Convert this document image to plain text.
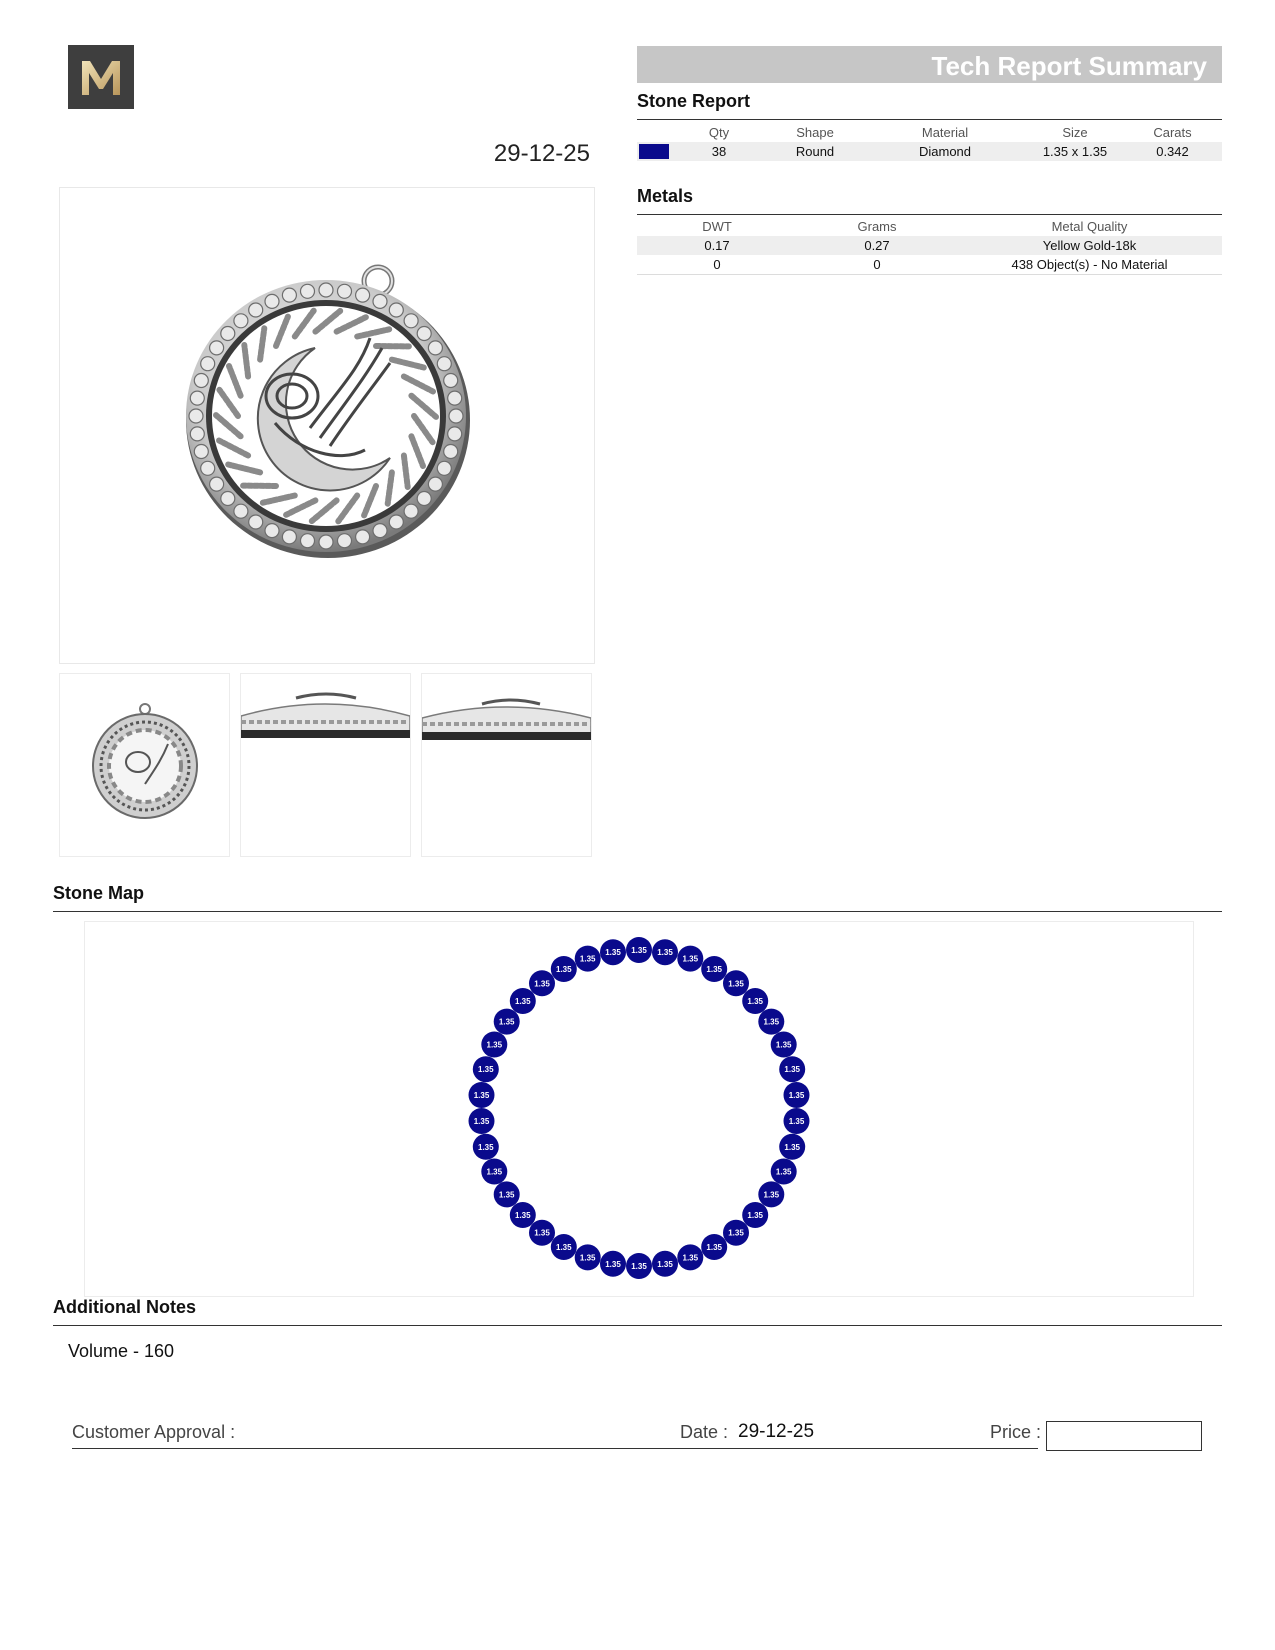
29-12-25
Tech Report Summary
Stone Report
	Qty	Shape	Material	Size	Carats

	38	Round	Diamond	1.35 x 1.35	0.342
Metals
DWT	Grams	Metal Quality
0.17	0.27	Yellow Gold-18k
0	0	438 Object(s) - No Material
Stone Map
1.35 1.35
1.35
1.35
1.35
1.35
1.35
1.35
1.35
1.35
1.35
1.35
1.35
1.35
1.35
1.35
1.35
1.35
1.35
1.35
1.35
1.35
1.35
1.35
1.35
1.35
1.35
1.35
1.35
1.35
1.35
1.35
1.35
1.35
1.35
1.35
1.35
1.35
Additional Notes
Volume - 160
Customer Approval :	Date : 29-12-25	Price :
